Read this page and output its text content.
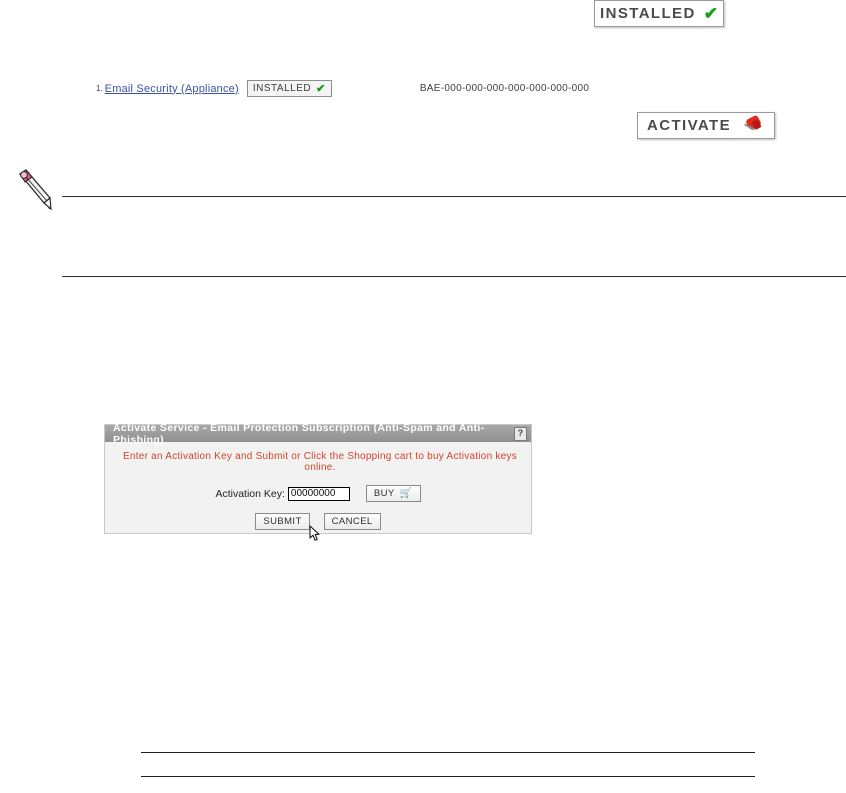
INSTALLED ✔
1. Email Security (Appliance) INSTALLED ✔	BAE-000-000-000-000-000-000-000
ACTIVATE
Activate Service - Email Protection Subscription (Anti-Spam and Anti-Phishing)
?
Enter an Activation Key and Submit or Click the Shopping cart to buy Activation keys online.
Activation Key:
00000000	BUY 🛒
SUBMIT	CANCEL
